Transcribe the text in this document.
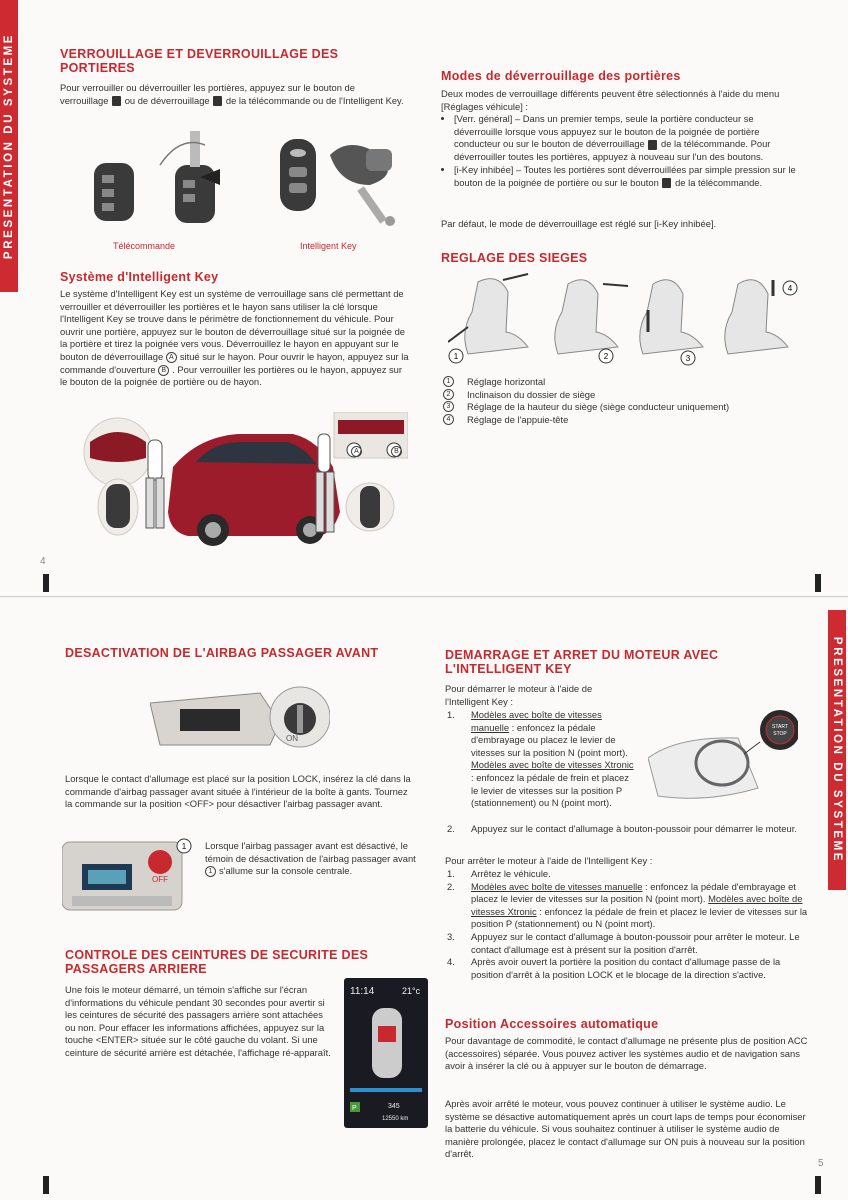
PRESENTATION DU SYSTEME	VERROUILLAGE ET DEVERROUILLAGE DES PORTIERES

Pour verrouiller ou déverrouiller les portières, appuyez sur le bouton de verrouillage ou de déverrouillage de la télécommande ou de l'Intelligent Key.

Télécommande	Intelligent Key
Système d'Intelligent Key

Le système d'Intelligent Key est un système de verrouillage sans clé permettant de verrouiller et déverrouiller les portières et le hayon sans utiliser la clé lorsque l'Intelligent Key se trouve dans le périmètre de fonctionnement du véhicule. Pour ouvrir une portière, appuyez sur le bouton de déverrouillage situé sur la poignée de la portière et tirez la poignée vers vous. Déverrouillez le hayon en appuyant sur le bouton de déverrouillage A situé sur le hayon. Pour ouvrir le hayon, appuyez sur la commande d'ouverture B . Pour verrouiller les portières ou le hayon, appuyez sur le bouton de la poignée de portière ou de hayon.

A	B
Modes de déverrouillage des portières

Deux modes de verrouillage différents peuvent être sélectionnés à l'aide du menu [Réglages véhicule] :

• [Verr. général] – Dans un premier temps, seule la portière conducteur se déverrouille lorsque vous appuyez sur le bouton de la poignée de portière conducteur ou sur le bouton de déverrouillage de la télécommande. Pour déverrouiller toutes les portières, appuyez à nouveau sur l'un des boutons.
• [i-Key inhibée] – Toutes les portières sont déverrouillées par simple pression sur le bouton de la poignée de portière ou sur le bouton de la télécommande.

Par défaut, le mode de déverrouillage est réglé sur [i-Key inhibée].

REGLAGE DES SIEGES
1	2	3
4
1	Réglage horizontal
2	Inclinaison du dossier de siège
3	Réglage de la hauteur du siège (siège conducteur uniquement)
4	Réglage de l'appuie-tête
4
PRESENTATION DU SYSTEME
DESACTIVATION DE L'AIRBAG PASSAGER AVANT
ON

Lorsque le contact d'allumage est placé sur la position LOCK, insérez la clé dans la commande d'airbag passager avant située à l'intérieur de la boîte à gants. Tournez la commande sur la position <OFF> pour désactiver l'airbag passager avant.

OFF
1 Lorsque l'airbag passager avant est désactivé, le témoin de désactivation de l'airbag passager avant 1 s'allume sur la console centrale.

CONTROLE DES CEINTURES DE SECURITE DES PASSAGERS ARRIERE

Une fois le moteur démarré, un témoin s'affiche sur l'écran d'informations du véhicule pendant 30 secondes pour avertir si les ceintures de sécurité des passagers arrière sont attachées ou non. Pour effacer les informations affichées, appuyez sur la touche <ENTER> située sur le côté gauche du volant. Si une ceinture de sécurité arrière est détachée, l'affichage ré-apparaît.

11:14	21°c
P	345
12550 km
DEMARRAGE ET ARRET DU MOTEUR AVEC L'INTELLIGENT KEY

Pour démarrer le moteur à l'aide de l'Intelligent Key :

START
STOP
1. Modèles avec boîte de vitesses manuelle : enfoncez la pédale d'embrayage ou placez le levier de vitesses sur la position N (point mort).
Modèles avec boîte de vitesses Xtronic : enfoncez la pédale de frein et placez le levier de vitesses sur la position P (stationnement) ou N (point mort).
2. Appuyez sur le contact d'allumage à bouton-poussoir pour démarrer le moteur.

Pour arrêter le moteur à l'aide de l'Intelligent Key :

1. Arrêtez le véhicule.
2. Modèles avec boîte de vitesses manuelle : enfoncez la pédale d'embrayage et placez le levier de vitesses sur la position N (point mort). Modèles avec boîte de vitesses Xtronic : enfoncez la pédale de frein et placez le levier de vitesses sur la position P (stationnement) ou N (point mort).
3. Appuyez sur le contact d'allumage à bouton-poussoir pour arrêter le moteur. Le contact d'allumage est à présent sur la position d'arrêt.
4. Après avoir ouvert la portière la position du contact d'allumage passe de la position d'arrêt à la position LOCK et le blocage de la direction s'active.
Position Accessoires automatique

Pour davantage de commodité, le contact d'allumage ne présente plus de position ACC (accessoires) séparée. Vous pouvez activer les systèmes audio et de navigation sans avoir à insérer la clé ou à appuyer sur le bouton de démarrage.

Après avoir arrêté le moteur, vous pouvez continuer à utiliser le système audio. Le système se désactive automatiquement après un court laps de temps pour économiser la batterie du véhicule. Si vous souhaitez continuer à utiliser le système audio de manière prolongée, placez le contact d'allumage sur ON puis à nouveau sur la position d'arrêt.

5
